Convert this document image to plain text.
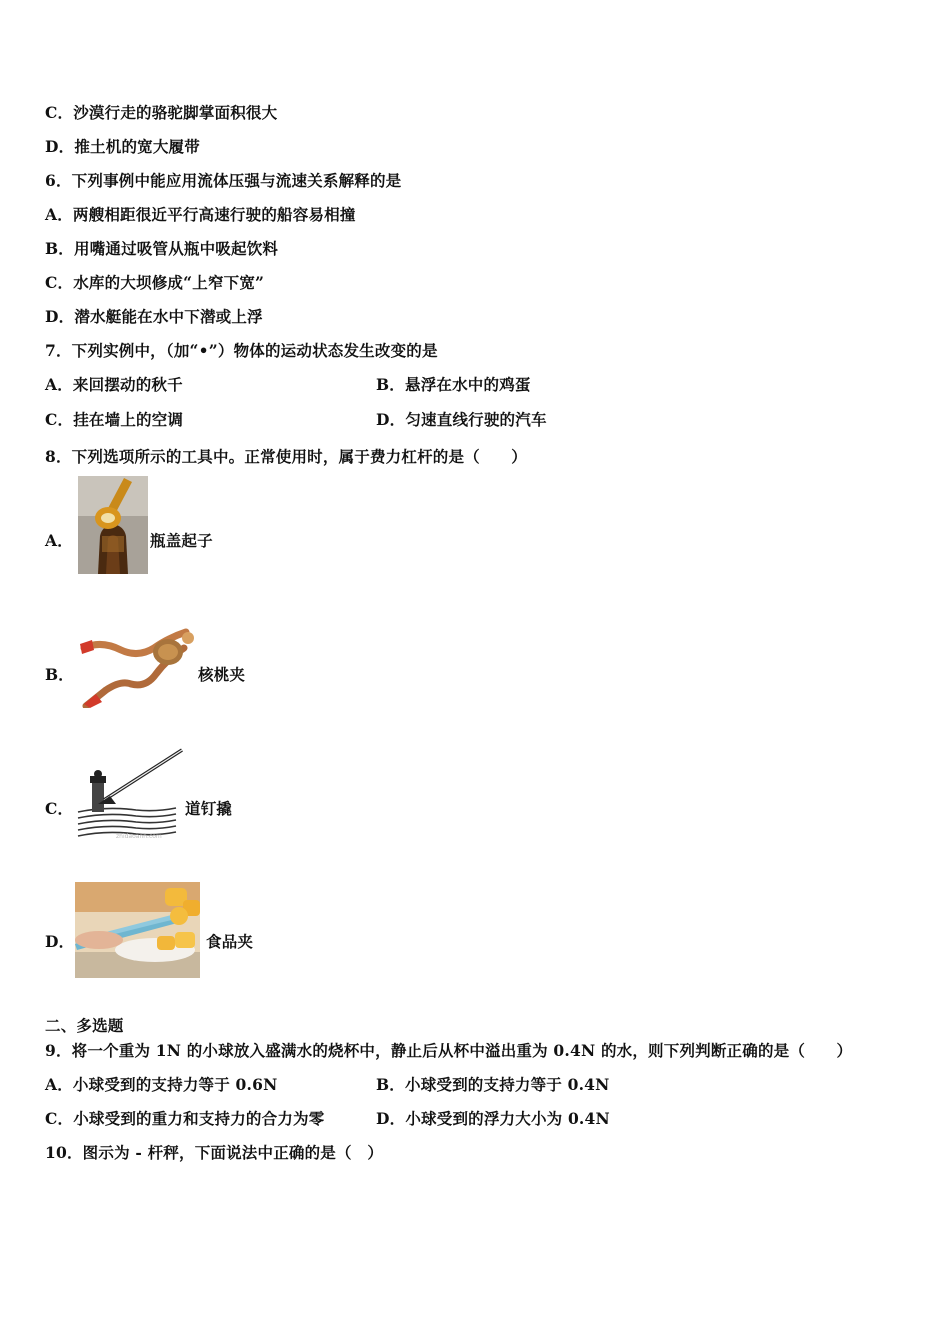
C．沙漠行走的骆驼脚掌面积很大
D．推土机的宽大履带
6．下列事例中能应用流体压强与流速关系解释的是
A．两艘相距很近平行高速行驶的船容易相撞
B．用嘴通过吸管从瓶中吸起饮料
C．水库的大坝修成“上窄下宽”
D．潜水艇能在水中下潜或上浮
7．下列实例中，（加“•”）物体的运动状态发生改变的是
A．来回摆动的秋千	B．悬浮在水中的鸡蛋
C．挂在墙上的空调	D．匀速直线行驶的汽车
8．下列选项所示的工具中。正常使用时，属于费力杠杆的是（　　）
A．	瓶盖起子
B．	核桃夹
C．
zhidaoanh.com
道钉撬
D．	食品夹
二、多选题
9．将一个重为 1N 的小球放入盛满水的烧杯中，静止后从杯中溢出重为 0.4N 的水，则下列判断正确的是（　　）
A．小球受到的支持力等于 0.6N	B．小球受到的支持力等于 0.4N
C．小球受到的重力和支持力的合力为零	D．小球受到的浮力大小为 0.4N
10．图示为 - 杆秤，下面说法中正确的是（　）
